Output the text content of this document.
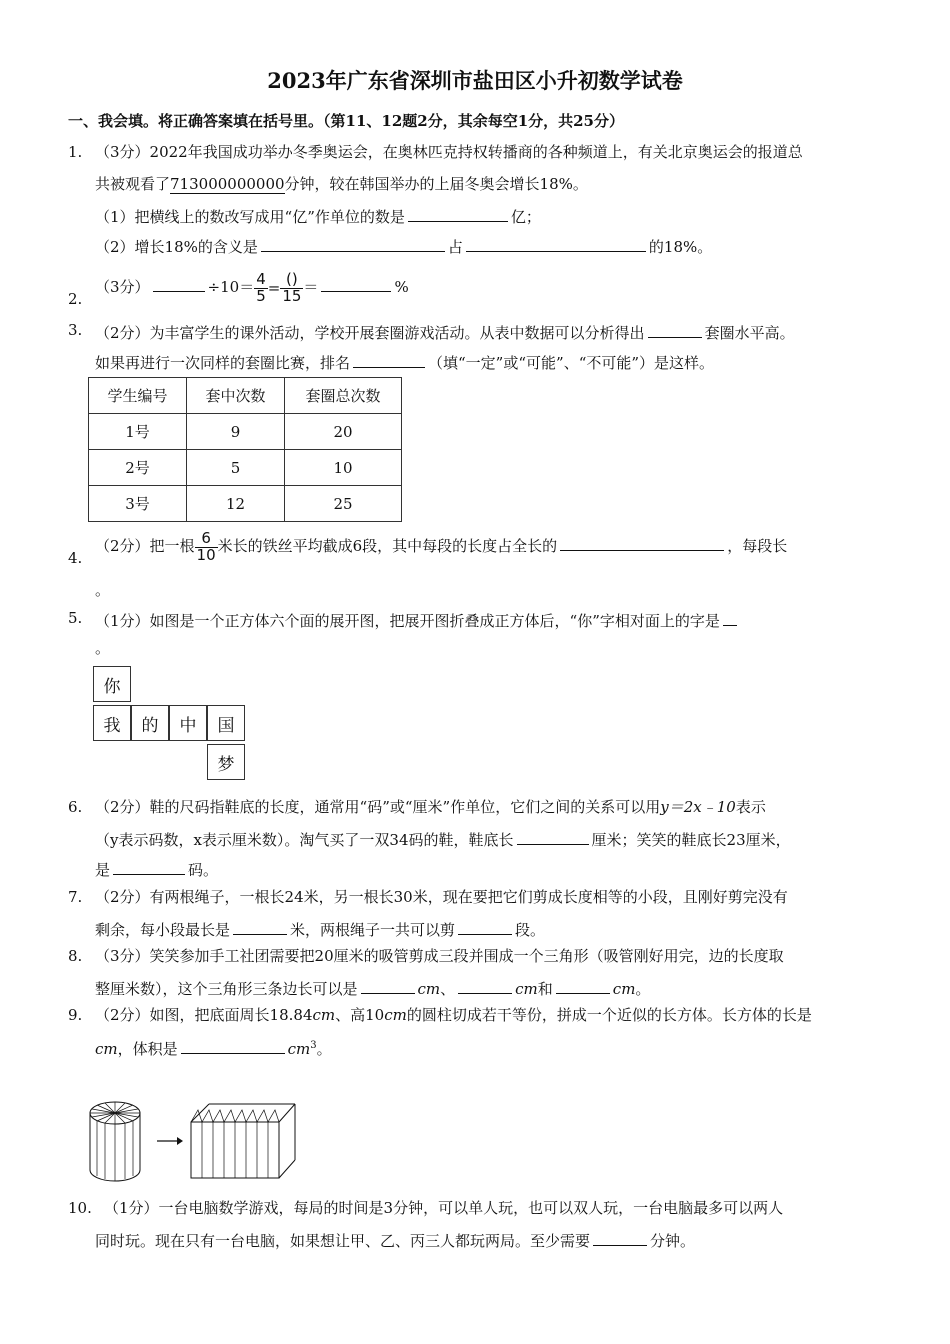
2023年广东省深圳市盐田区小升初数学试卷
一、我会填。将正确答案填在括号里。（第11、12题2分，其余每空1分，共25分）
1. （3分）2022年我国成功举办冬季奥运会，在奥林匹克持权转播商的各种频道上，有关北京奥运会的报道总
共被观看了713000000000分钟，较在韩国举办的上届冬奥会增长18%。
（1）把横线上的数改写成用“亿”作单位的数是	亿；
（2）增长18%的含义是	占	的18%。
2.
（3分）	$\div 10= \frac{4}{5} = \frac{()}{15}$ ＝	%
3. （2分）为丰富学生的课外活动，学校开展套圈游戏活动。从表中数据可以分析得出	套圈水平高。
如果再进行一次同样的套圈比赛，排名	（填“一定”或“可能”、“不可能”）是这样。
学生编号	套中次数	套圈总次数
1号	9	20
2号	5	10
3号	12	25
4.
（2分）把一根 $\frac{6}{10}$ 米长的铁丝平均截成6段，其中每段的长度占全长的	，每段长
。
5. （1分）如图是一个正方体六个面的展开图，把展开图折叠成正方体后，“你”字相对面上的字是
。
你
我	的	中	国
梦
6. （2分）鞋的尺码指鞋底的长度，通常用“码”或“厘米”作单位，它们之间的关系可以用y＝2x﹣10表示
（y表示码数，x表示厘米数）。淘气买了一双34码的鞋，鞋底长	厘米；笑笑的鞋底长23厘米，
是	码。
7. （2分）有两根绳子，一根长24米，另一根长30米，现在要把它们剪成长度相等的小段，且刚好剪完没有
剩余，每小段最长是	米，两根绳子一共可以剪	段。
8. （3分）笑笑参加手工社团需要把20厘米的吸管剪成三段并围成一个三角形（吸管刚好用完，边的长度取
整厘米数），这个三角形三条边长可以是	cm、	cm和	cm。
9. （2分）如图，把底面周长18.84cm、高10cm的圆柱切成若干等份，拼成一个近似的长方体。长方体的长是
cm，体积是	$cm^3$。
10. （1分）一台电脑数学游戏，每局的时间是3分钟，可以单人玩，也可以双人玩，一台电脑最多可以两人
同时玩。现在只有一台电脑，如果想让甲、乙、丙三人都玩两局。至少需要	分钟。
